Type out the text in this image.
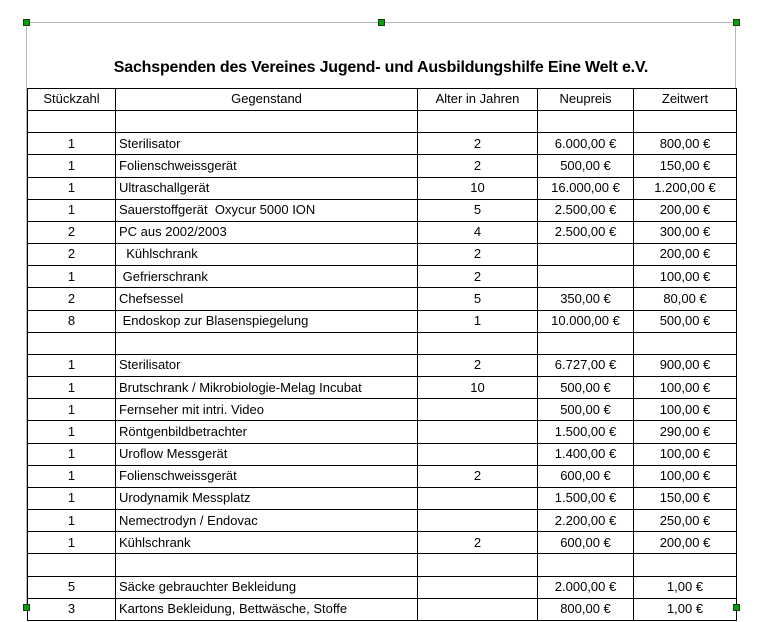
Sachspenden des Vereines Jugend- und Ausbildungshilfe Eine Welt e.V.
Stückzahl	Gegenstand	Alter in Jahren	Neupreis	Zeitwert

1	Sterilisator	2	6.000,00 €	800,00 €
1	Folienschweissgerät	2	500,00 €	150,00 €
1	Ultraschallgerät	10	16.000,00 €	1.200,00 €
1	Sauerstoffgerät  Oxycur 5000 ION	5	2.500,00 €	200,00 €
2	PC aus 2002/2003	4	2.500,00 €	300,00 €
2	Kühlschrank	2		200,00 €
1	Gefrierschrank	2		100,00 €
2	Chefsessel	5	350,00 €	80,00 €
8	Endoskop zur Blasenspiegelung	1	10.000,00 €	500,00 €

1	Sterilisator	2	6.727,00 €	900,00 €
1	Brutschrank / Mikrobiologie-Melag Incubat	10	500,00 €	100,00 €
1	Fernseher mit intri. Video		500,00 €	100,00 €
1	Röntgenbildbetrachter		1.500,00 €	290,00 €
1	Uroflow Messgerät		1.400,00 €	100,00 €
1	Folienschweissgerät	2	600,00 €	100,00 €
1	Urodynamik Messplatz		1.500,00 €	150,00 €
1	Nemectrodyn / Endovac		2.200,00 €	250,00 €
1	Kühlschrank	2	600,00 €	200,00 €

5	Säcke gebrauchter Bekleidung		2.000,00 €	1,00 €
3	Kartons Bekleidung, Bettwäsche, Stoffe		800,00 €	1,00 €
